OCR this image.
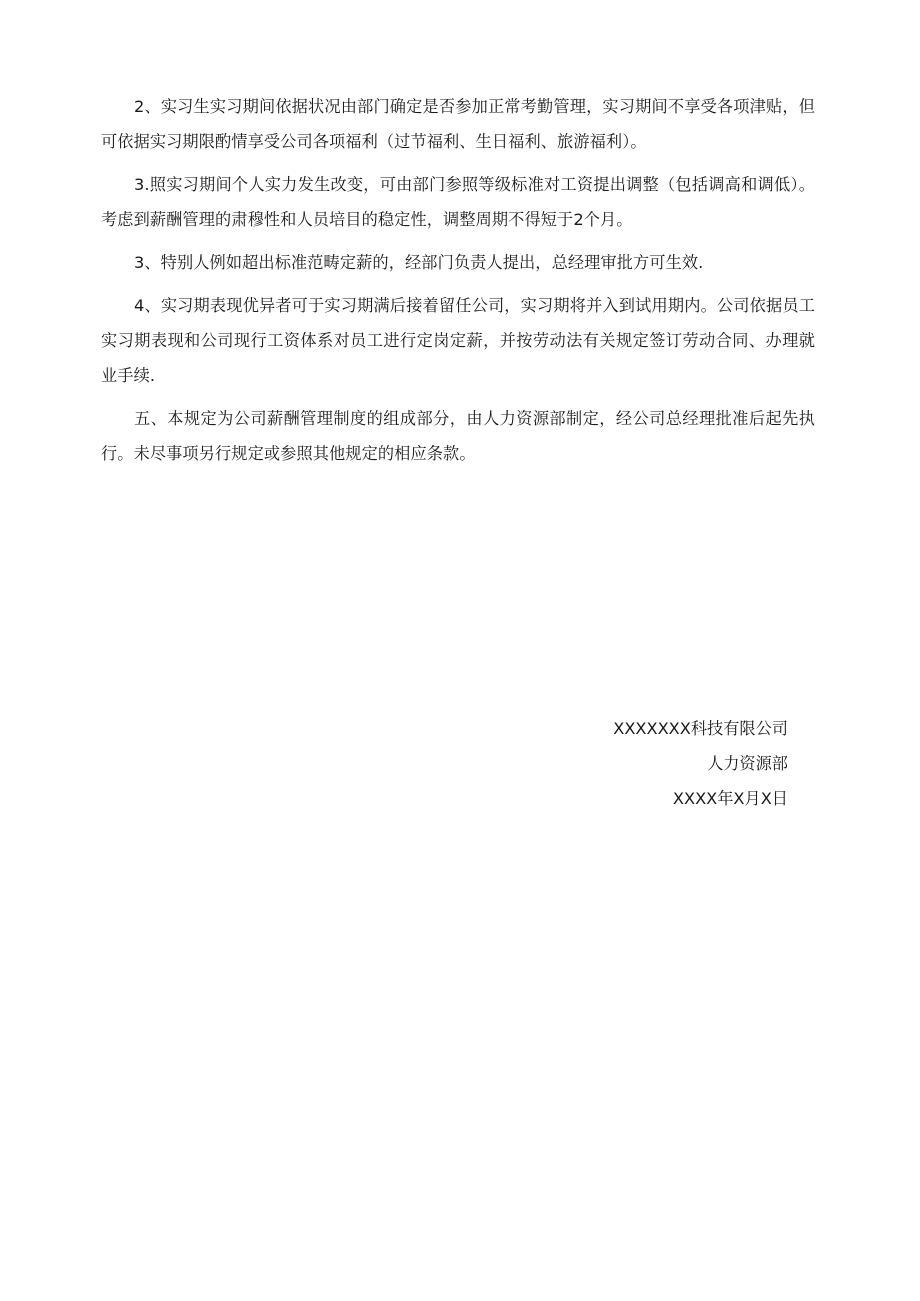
2、实习生实习期间依据状况由部门确定是否参加正常考勤管理，实习期间不享受各项津贴，但可依据实习期限酌情享受公司各项福利（过节福利、生日福利、旅游福利）。

3.照实习期间个人实力发生改变，可由部门参照等级标准对工资提出调整（包括调高和调低）。考虑到薪酬管理的肃穆性和人员培目的稳定性，调整周期不得短于2个月。

3、特别人例如超出标准范畴定薪的，经部门负责人提出，总经理审批方可生效.

4、实习期表现优异者可于实习期满后接着留任公司，实习期将并入到试用期内。公司依据员工实习期表现和公司现行工资体系对员工进行定岗定薪，并按劳动法有关规定签订劳动合同、办理就业手续.

五、本规定为公司薪酬管理制度的组成部分，由人力资源部制定，经公司总经理批准后起先执行。未尽事项另行规定或参照其他规定的相应条款。

XXXXXXX科技有限公司

人力资源部

XXXX年X月X日
